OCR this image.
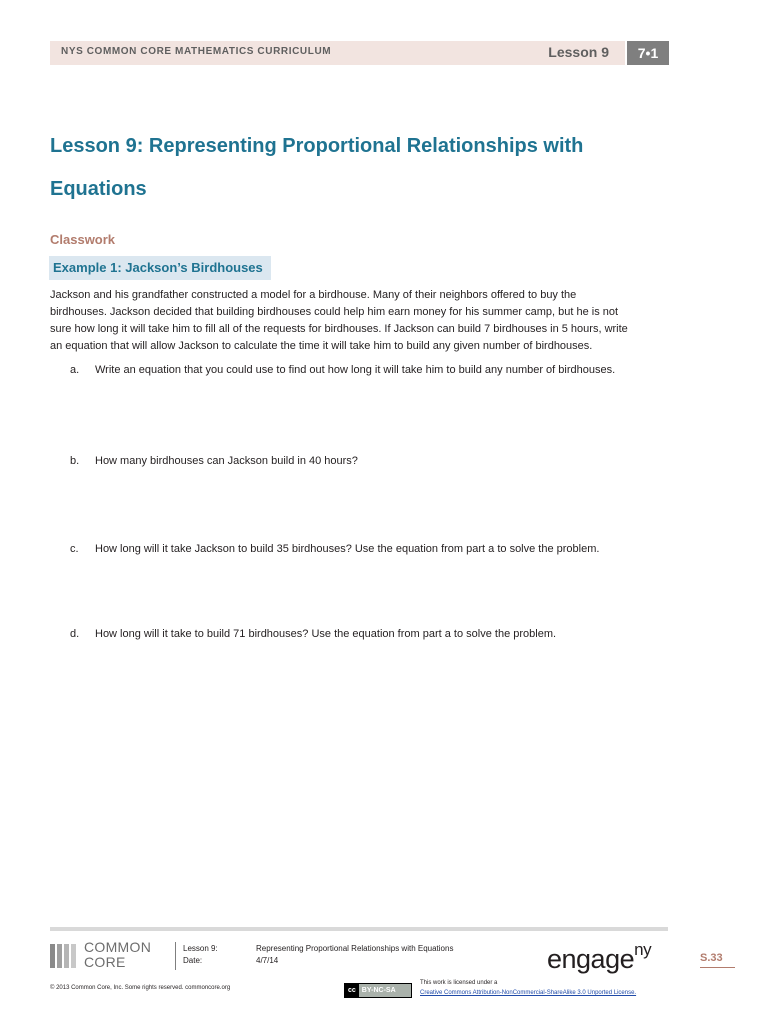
NYS COMMON CORE MATHEMATICS CURRICULUM	Lesson 9	7•1
Lesson 9: Representing Proportional Relationships with
Equations
Classwork
Example 1: Jackson’s Birdhouses
Jackson and his grandfather constructed a model for a birdhouse. Many of their neighbors offered to buy the
birdhouses. Jackson decided that building birdhouses could help him earn money for his summer camp, but he is not
sure how long it will take him to fill all of the requests for birdhouses. If Jackson can build 7 birdhouses in 5 hours, write
an equation that will allow Jackson to calculate the time it will take him to build any given number of birdhouses.
a. Write an equation that you could use to find out how long it will take him to build any number of birdhouses.
b. How many birdhouses can Jackson build in 40 hours?
c. How long will it take Jackson to build 35 birdhouses? Use the equation from part a to solve the problem.
d. How long will it take to build 71 birdhouses? Use the equation from part a to solve the problem.
COMMON
CORE
Lesson 9:
Date:
Representing Proportional Relationships with Equations
4/7/14	engage$^{ny}$	S.33
© 2013 Common Core, Inc. Some rights reserved. commoncore.org	cc BY-NC-SA
This work is licensed under a
Creative Commons Attribution-NonCommercial-ShareAlike 3.0 Unported License.
